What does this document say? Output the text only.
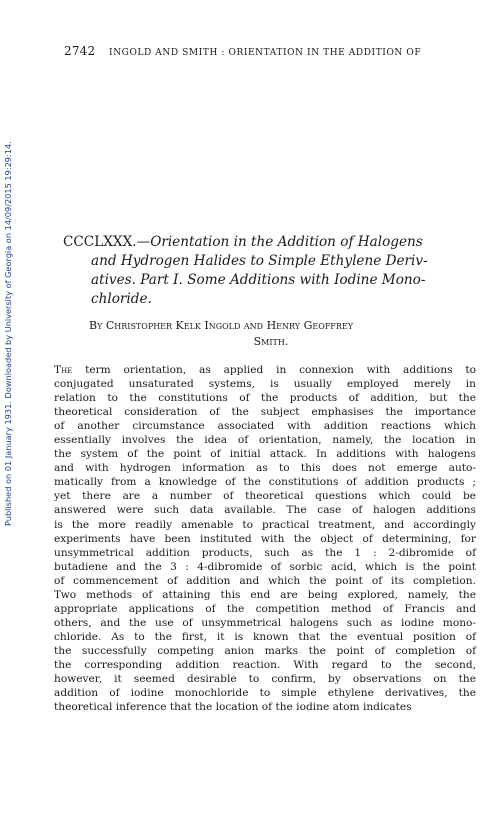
2742 INGOLD AND SMITH : ORIENTATION IN THE ADDITION OF
Published on 01 January 1931. Downloaded by University of Georgia on 14/09/2015 19:29:14.	CCCLXXX.—Orientation in the Addition of Halogens
and Hydrogen Halides to Simple Ethylene Deriv-
atives. Part I. Some Additions with Iodine Mono-
chloride.
By Christopher Kelk Ingold and Henry Geoffrey
Smith.
The term orientation, as applied in connexion with additions to
conjugated unsaturated systems, is usually employed merely in
relation to the constitutions of the products of addition, but the
theoretical consideration of the subject emphasises the importance
of another circumstance associated with addition reactions which
essentially involves the idea of orientation, namely, the location in
the system of the point of initial attack. In additions with halogens
and with hydrogen information as to this does not emerge auto-
matically from a knowledge of the constitutions of addition products ;
yet there are a number of theoretical questions which could be
answered were such data available. The case of halogen additions
is the more readily amenable to practical treatment, and accordingly
experiments have been instituted with the object of determining, for
unsymmetrical addition products, such as the 1 : 2-dibromide of
butadiene and the 3 : 4-dibromide of sorbic acid, which is the point
of commencement of addition and which the point of its completion.
Two methods of attaining this end are being explored, namely, the
appropriate applications of the competition method of Francis and
others, and the use of unsymmetrical halogens such as iodine mono-
chloride. As to the first, it is known that the eventual position of
the successfully competing anion marks the point of completion of
the corresponding addition reaction. With regard to the second,
however, it seemed desirable to confirm, by observations on the
addition of iodine monochloride to simple ethylene derivatives, the
theoretical inference that the location of the iodine atom indicates
